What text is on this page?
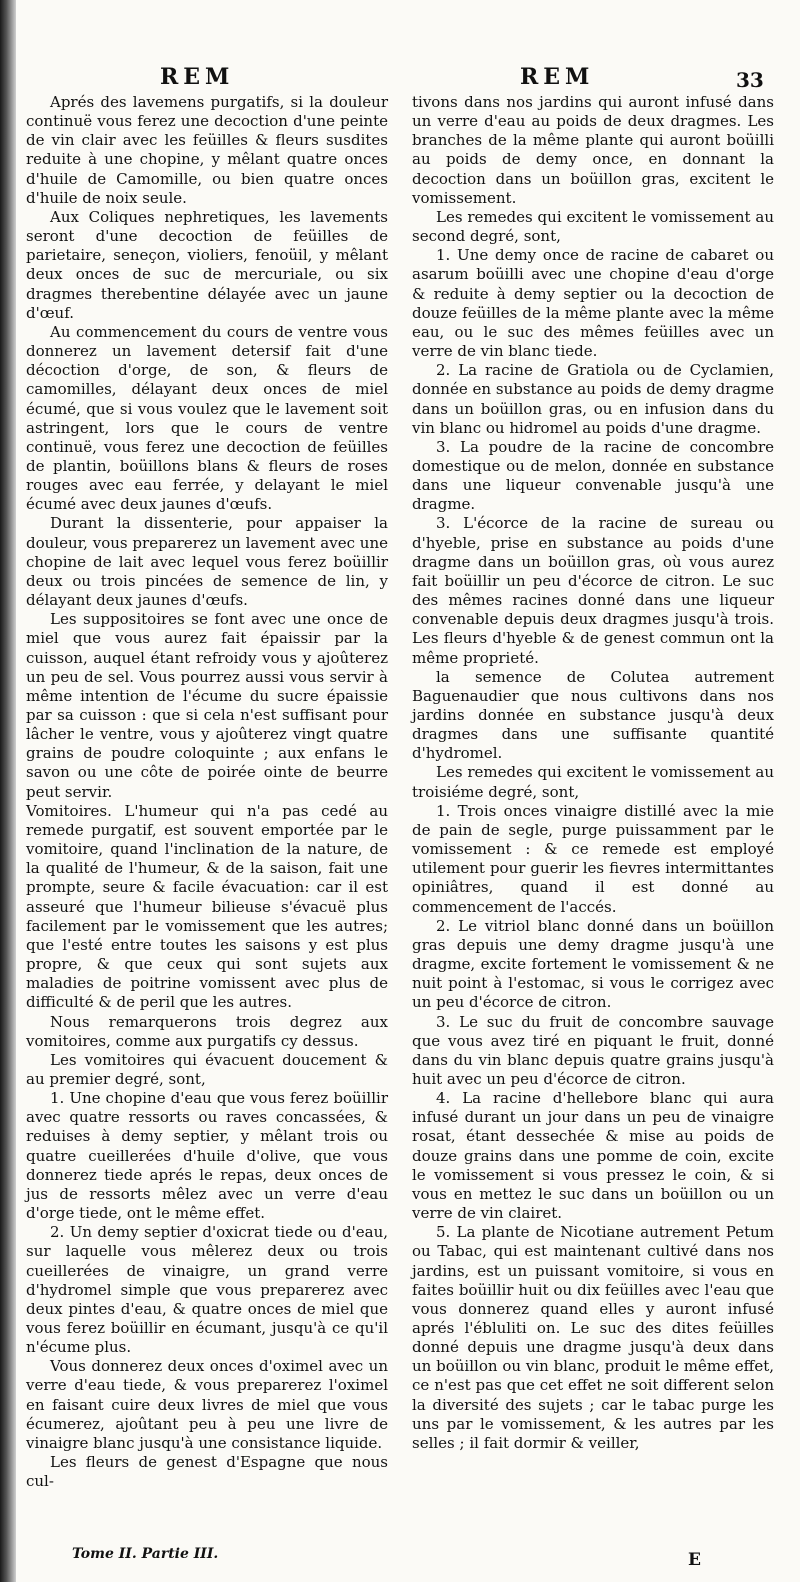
REM	REM	33

Aprés des lavemens purgatifs, si la douleur continuë vous ferez une decoction d'une peinte de vin clair avec les feüilles & fleurs susdites reduite à une chopine, y mêlant quatre onces d'huile de Camomille, ou bien quatre onces d'huile de noix seule.

Aux Coliques nephretiques, les lavements seront d'une decoction de feüilles de parietaire, seneçon, violiers, fenoüil, y mêlant deux onces de suc de mercuriale, ou six dragmes therebentine délayée avec un jaune d'œuf.

Au commencement du cours de ventre vous donnerez un lavement detersif fait d'une décoction d'orge, de son, & fleurs de camomilles, délayant deux onces de miel écumé, que si vous voulez que le lavement soit astringent, lors que le cours de ventre continuë, vous ferez une decoction de feüilles de plantin, boüillons blans & fleurs de roses rouges avec eau ferrée, y delayant le miel écumé avec deux jaunes d'œufs.

Durant la dissenterie, pour appaiser la douleur, vous preparerez un lavement avec une chopine de lait avec lequel vous ferez boüillir deux ou trois pincées de semence de lin, y délayant deux jaunes d'œufs.

Les suppositoires se font avec une once de miel que vous aurez fait épaissir par la cuisson, auquel étant refroidy vous y ajoûterez un peu de sel. Vous pourrez aussi vous servir à même intention de l'écume du sucre épaissie par sa cuisson : que si cela n'est suffisant pour lâcher le ventre, vous y ajoûterez vingt quatre grains de poudre coloquinte ; aux enfans le savon ou une côte de poirée ointe de beurre peut servir.

Vomitoires. L'humeur qui n'a pas cedé au remede purgatif, est souvent emportée par le vomitoire, quand l'inclination de la nature, de la qualité de l'humeur, & de la saison, fait une prompte, seure & facile évacuation: car il est asseuré que l'humeur bilieuse s'évacuë plus facilement par le vomissement que les autres; que l'esté entre toutes les saisons y est plus propre, & que ceux qui sont sujets aux maladies de poitrine vomissent avec plus de difficulté & de peril que les autres.

Nous remarquerons trois degrez aux vomitoires, comme aux purgatifs cy dessus.

Les vomitoires qui évacuent doucement & au premier degré, sont,

1. Une chopine d'eau que vous ferez boüillir avec quatre ressorts ou raves concassées, & reduises à demy septier, y mêlant trois ou quatre cueillerées d'huile d'olive, que vous donnerez tiede aprés le repas, deux onces de jus de ressorts mêlez avec un verre d'eau d'orge tiede, ont le même effet.

2. Un demy septier d'oxicrat tiede ou d'eau, sur laquelle vous mêlerez deux ou trois cueillerées de vinaigre, un grand verre d'hydromel simple que vous preparerez avec deux pintes d'eau, & quatre onces de miel que vous ferez boüillir en écumant, jusqu'à ce qu'il n'écume plus.

Vous donnerez deux onces d'oximel avec un verre d'eau tiede, & vous preparerez l'oximel en faisant cuire deux livres de miel que vous écumerez, ajoûtant peu à peu une livre de vinaigre blanc jusqu'à une consistance liquide.

Les fleurs de genest d'Espagne que nous cul-

tivons dans nos jardins qui auront infusé dans un verre d'eau au poids de deux dragmes. Les branches de la même plante qui auront boüilli au poids de demy once, en donnant la decoction dans un boüillon gras, excitent le vomissement.

Les remedes qui excitent le vomissement au second degré, sont,

1. Une demy once de racine de cabaret ou asarum boüilli avec une chopine d'eau d'orge & reduite à demy septier ou la decoction de douze feüilles de la même plante avec la même eau, ou le suc des mêmes feüilles avec un verre de vin blanc tiede.

2. La racine de Gratiola ou de Cyclamien, donnée en substance au poids de demy dragme dans un boüillon gras, ou en infusion dans du vin blanc ou hidromel au poids d'une dragme.

3. La poudre de la racine de concombre domestique ou de melon, donnée en substance dans une liqueur convenable jusqu'à une dragme.

3. L'écorce de la racine de sureau ou d'hyeble, prise en substance au poids d'une dragme dans un boüillon gras, où vous aurez fait boüillir un peu d'écorce de citron. Le suc des mêmes racines donné dans une liqueur convenable depuis deux dragmes jusqu'à trois. Les fleurs d'hyeble & de genest commun ont la même proprieté.

la semence de Colutea autrement Baguenaudier que nous cultivons dans nos jardins donnée en substance jusqu'à deux dragmes dans une suffisante quantité d'hydromel.

Les remedes qui excitent le vomissement au troisiéme degré, sont,

1. Trois onces vinaigre distillé avec la mie de pain de segle, purge puissamment par le vomissement : & ce remede est employé utilement pour guerir les fievres intermittantes opiniâtres, quand il est donné au commencement de l'accés.

2. Le vitriol blanc donné dans un boüillon gras depuis une demy dragme jusqu'à une dragme, excite fortement le vomissement & ne nuit point à l'estomac, si vous le corrigez avec un peu d'écorce de citron.

3. Le suc du fruit de concombre sauvage que vous avez tiré en piquant le fruit, donné dans du vin blanc depuis quatre grains jusqu'à huit avec un peu d'écorce de citron.

4. La racine d'hellebore blanc qui aura infusé durant un jour dans un peu de vinaigre rosat, étant dessechée & mise au poids de douze grains dans une pomme de coin, excite le vomissement si vous pressez le coin, & si vous en mettez le suc dans un boüillon ou un verre de vin clairet.

5. La plante de Nicotiane autrement Petum ou Tabac, qui est maintenant cultivé dans nos jardins, est un puissant vomitoire, si vous en faites boüillir huit ou dix feüilles avec l'eau que vous donnerez quand elles y auront infusé aprés l'ébluliti on. Le suc des dites feüilles donné depuis une dragme jusqu'à deux dans un boüillon ou vin blanc, produit le même effet, ce n'est pas que cet effet ne soit different selon la diversité des sujets ; car le tabac purge les uns par le vomissement, & les autres par les selles ; il fait dormir & veiller,

Tome II. Partie III.	E
